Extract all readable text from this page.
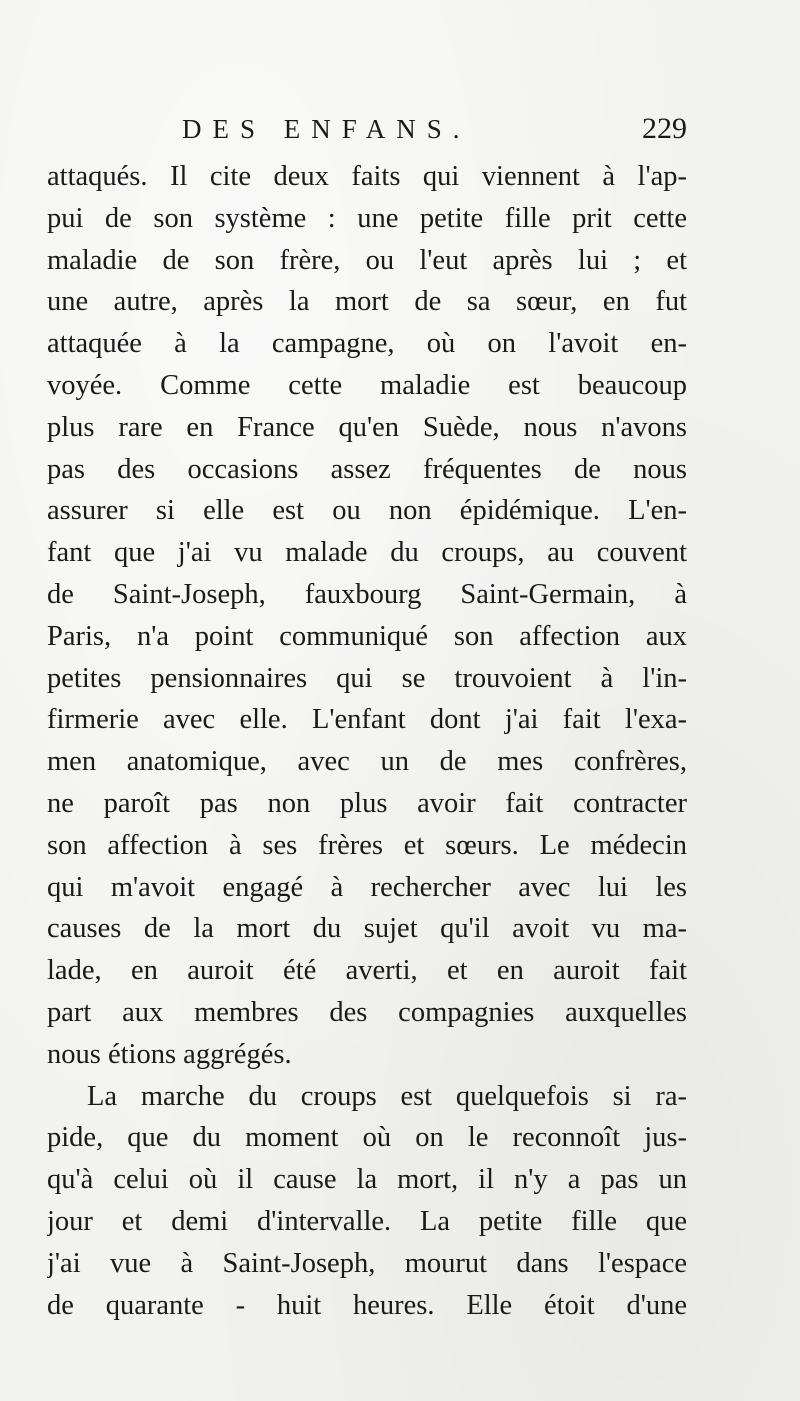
DES ENFANS.	229
attaqués. Il cite deux faits qui viennent à l'ap-
pui de son système : une petite fille prit cette
maladie de son frère, ou l'eut après lui ; et
une autre, après la mort de sa sœur, en fut
attaquée à la campagne, où on l'avoit en-
voyée. Comme cette maladie est beaucoup
plus rare en France qu'en Suède, nous n'avons
pas des occasions assez fréquentes de nous
assurer si elle est ou non épidémique. L'en-
fant que j'ai vu malade du croups, au couvent
de Saint-Joseph, fauxbourg Saint-Germain, à
Paris, n'a point communiqué son affection aux
petites pensionnaires qui se trouvoient à l'in-
firmerie avec elle. L'enfant dont j'ai fait l'exa-
men anatomique, avec un de mes confrères,
ne paroît pas non plus avoir fait contracter
son affection à ses frères et sœurs. Le médecin
qui m'avoit engagé à rechercher avec lui les
causes de la mort du sujet qu'il avoit vu ma-
lade, en auroit été averti, et en auroit fait
part aux membres des compagnies auxquelles
nous étions aggrégés.
La marche du croups est quelquefois si ra-
pide, que du moment où on le reconnoît jus-
qu'à celui où il cause la mort, il n'y a pas un
jour et demi d'intervalle. La petite fille que
j'ai vue à Saint-Joseph, mourut dans l'espace
de quarante - huit heures. Elle étoit d'une
